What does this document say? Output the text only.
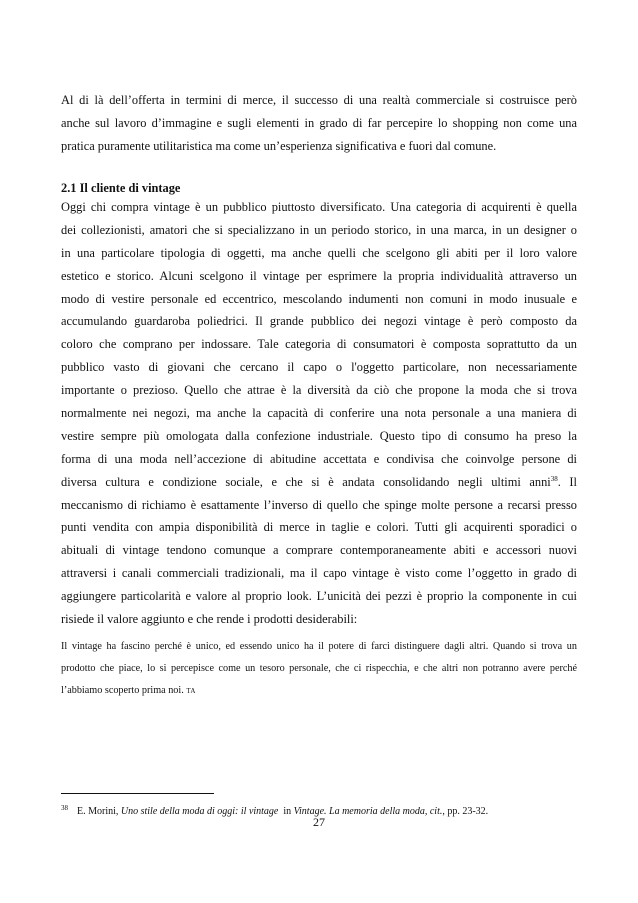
Al di là dell’offerta in termini di merce, il successo di una realtà commerciale si costruisce però
anche sul lavoro d’immagine e sugli elementi in grado di far percepire lo shopping non come una
pratica puramente utilitaristica ma come un’esperienza significativa e fuori dal comune.
2.1 Il cliente di vintage
Oggi chi compra vintage è un pubblico piuttosto diversificato. Una categoria di acquirenti è quella
dei collezionisti, amatori che si specializzano in un periodo storico, in una marca, in un designer o
in una particolare tipologia di oggetti, ma anche quelli che scelgono gli abiti per il loro valore
estetico e storico. Alcuni scelgono il vintage per esprimere la propria individualità attraverso un
modo di vestire personale ed eccentrico, mescolando indumenti non comuni in modo inusuale e
accumulando guardaroba poliedrici. Il grande pubblico dei negozi vintage è però composto da
coloro che comprano per indossare. Tale categoria di consumatori è composta soprattutto da un
pubblico vasto di giovani che cercano il capo o l'oggetto particolare, non necessariamente
importante o prezioso. Quello che attrae è la diversità da ciò che propone la moda che si trova
normalmente nei negozi, ma anche la capacità di conferire una nota personale a una maniera di
vestire sempre più omologata dalla confezione industriale. Questo tipo di consumo ha preso la
forma di una moda nell’accezione di abitudine accettata e condivisa che coinvolge persone di
diversa cultura e condizione sociale, e che si è andata consolidando negli ultimi anni$^{38}$. Il
meccanismo di richiamo è esattamente l’inverso di quello che spinge molte persone a recarsi presso
punti vendita con ampia disponibilità di merce in taglie e colori. Tutti gli acquirenti sporadici o
abituali di vintage tendono comunque a comprare contemporaneamente abiti e accessori nuovi
attraversi i canali commerciali tradizionali, ma il capo vintage è visto come l’oggetto in grado di
aggiungere particolarità e valore al proprio look. L’unicità dei pezzi è proprio la componente in cui
risiede il valore aggiunto e che rende i prodotti desiderabili:
Il vintage ha fascino perché è unico, ed essendo unico ha il potere di farci distinguere dagli altri. Quando si trova un
prodotto che piace, lo si percepisce come un tesoro personale, che ci rispecchia, e che altri non potranno avere perché
l’abbiamo scoperto prima noi. TA
$^{38}$ E. Morini, Uno stile della moda di oggi: il vintage in Vintage. La memoria della moda, cit., pp. 23-32.
27
